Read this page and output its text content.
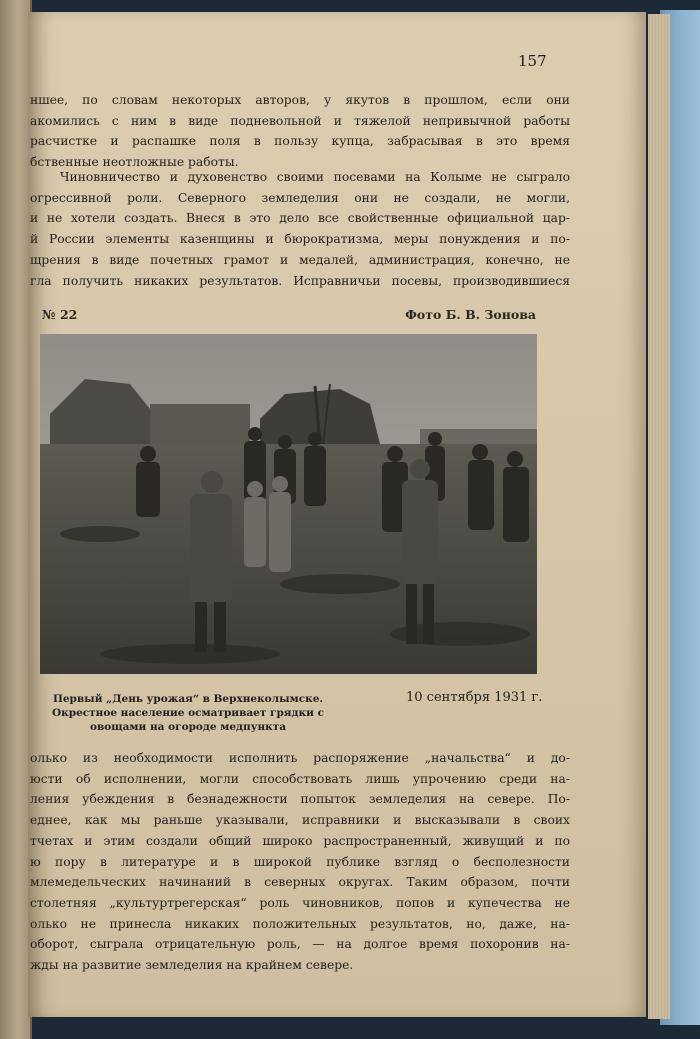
157
ншее, по словам некоторых авторов, у якутов в прошлом, если они
акомились с ним в виде подневольной и тяжелой непривычной работы
расчистке и распашке поля в пользу купца, забрасывая в это время
бственные неотложные работы.
Чиновничество и духовенство своими посевами на Колыме не сыграло
огрессивной роли. Северного земледелия они не создали, не могли,
и не хотели создать. Внеся в это дело все свойственные официальной цар-
й России элементы казенщины и бюрократизма, меры понуждения и по-
щрения в виде почетных грамот и медалей, администрация, конечно, не
гла получить никаких результатов. Исправничьи посевы, производившиеся
№ 22	Фото Б. В. Зонова
Первый „День урожая“ в Верхнеколымске.
Окрестное население осматривает грядки с
овощами на огороде медпункта
10 сентября 1931 г.
олько из необходимости исполнить распоряжение „начальства“ и до-
юсти об исполнении, могли способствовать лишь упрочению среди на-
ления убеждения в безнадежности попыток земледелия на севере. По-
еднее, как мы раньше указывали, исправники и высказывали в своих
тчетах и этим создали общий широко распространенный, живущий и по
ю пору в литературе и в широкой публике взгляд о бесполезности
млемедельческих начинаний в северных округах. Таким образом, почти
столетняя „культуртрегерская“ роль чиновников, попов и купечества не
олько не принесла никаких положительных результатов, но, даже, на-
оборот, сыграла отрицательную роль, — на долгое время похоронив на-
жды на развитие земледелия на крайнем севере.
